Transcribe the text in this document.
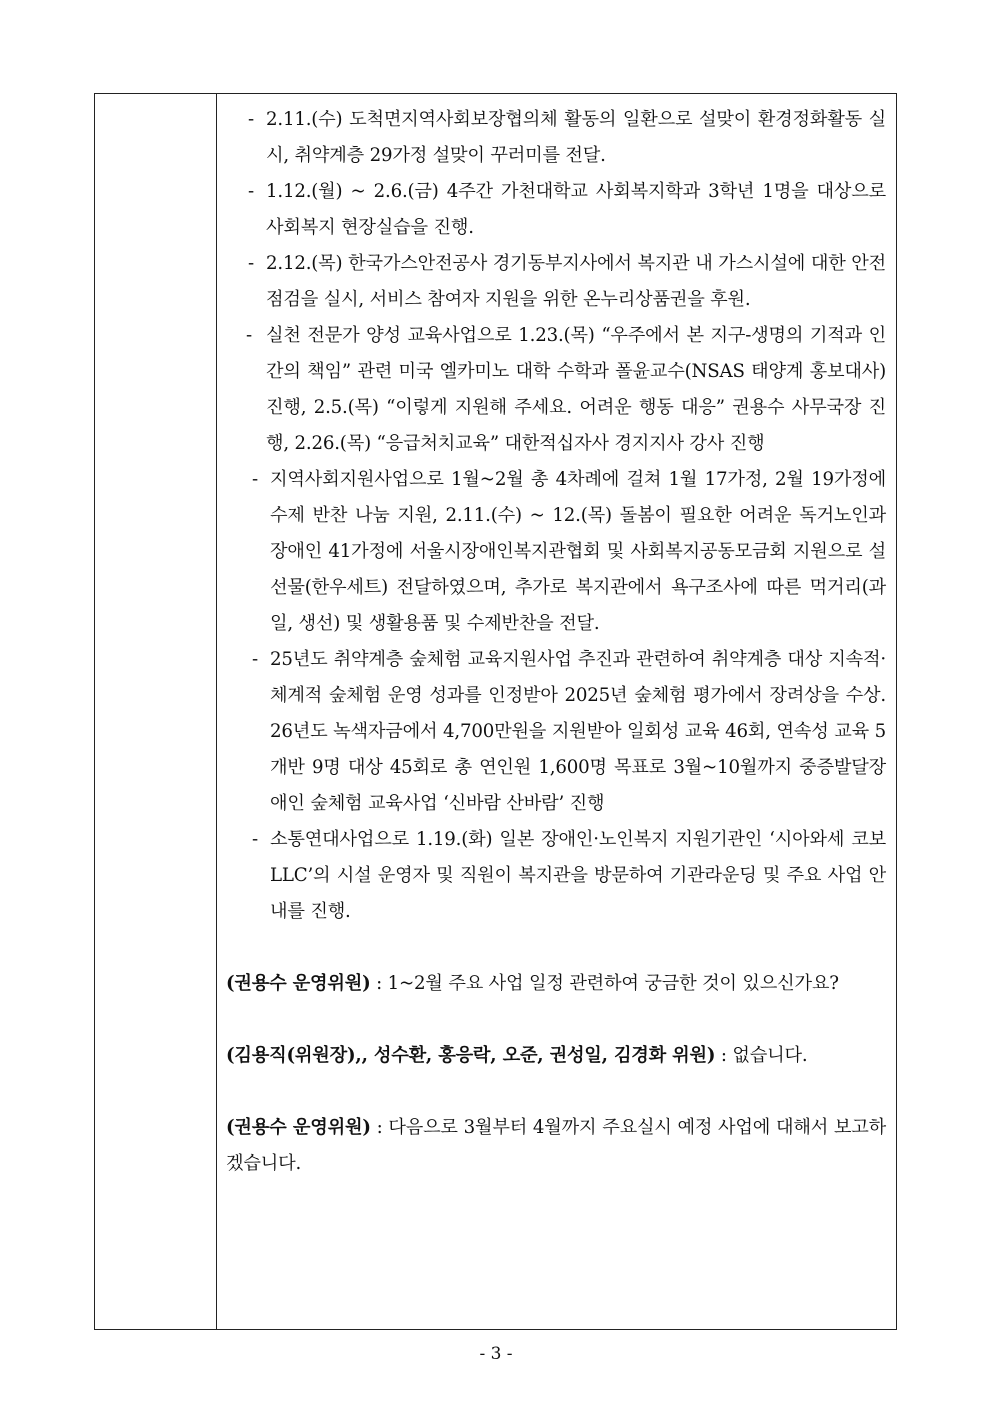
- 2.11.(수) 도척면지역사회보장협의체 활동의 일환으로 설맞이 환경정화활동 실시, 취약계층 29가정 설맞이 꾸러미를 전달.

- 1.12.(월) ~ 2.6.(금) 4주간 가천대학교 사회복지학과 3학년 1명을 대상으로 사회복지 현장실습을 진행.

- 2.12.(목) 한국가스안전공사 경기동부지사에서 복지관 내 가스시설에 대한 안전점검을 실시, 서비스 참여자 지원을 위한 온누리상품권을 후원.

- 실천 전문가 양성 교육사업으로 1.23.(목) “우주에서 본 지구-생명의 기적과 인간의 책임” 관련 미국 엘카미노 대학 수학과 폴윤교수(NSAS 태양계 홍보대사) 진행, 2.5.(목) “이렇게 지원해 주세요. 어려운 행동 대응” 권용수 사무국장 진행, 2.26.(목) “응급처치교육” 대한적십자사 경지지사 강사 진행

- 지역사회지원사업으로 1월~2월 총 4차례에 걸쳐 1월 17가정, 2월 19가정에 수제 반찬 나눔 지원, 2.11.(수) ~ 12.(목) 돌봄이 필요한 어려운 독거노인과 장애인 41가정에 서울시장애인복지관협회 및 사회복지공동모금회 지원으로 설선물(한우세트) 전달하였으며, 추가로 복지관에서 욕구조사에 따른 먹거리(과일, 생선) 및 생활용품 및 수제반찬을 전달.

- 25년도 취약계층 숲체험 교육지원사업 추진과 관련하여 취약계층 대상 지속적·체계적 숲체험 운영 성과를 인정받아 2025년 숲체험 평가에서 장려상을 수상. 26년도 녹색자금에서 4,700만원을 지원받아 일회성 교육 46회, 연속성 교육 5개반 9명 대상 45회로 총 연인원 1,600명 목표로 3월~10월까지 중증발달장애인 숲체험 교육사업 ‘신바람 산바람’ 진행

- 소통연대사업으로 1.19.(화) 일본 장애인·노인복지 지원기관인 ‘시아와세 코보LLC’의 시설 운영자 및 직원이 복지관을 방문하여 기관라운딩 및 주요 사업 안내를 진행.

(권용수 운영위원) : 1~2월 주요 사업 일정 관련하여 궁금한 것이 있으신가요?

(김용직(위원장),, 성수환, 홍응락, 오준, 권성일, 김경화 위원) : 없습니다.

(권용수 운영위원) : 다음으로 3월부터 4월까지 주요실시 예정 사업에 대해서 보고하겠습니다.

- 3 -
